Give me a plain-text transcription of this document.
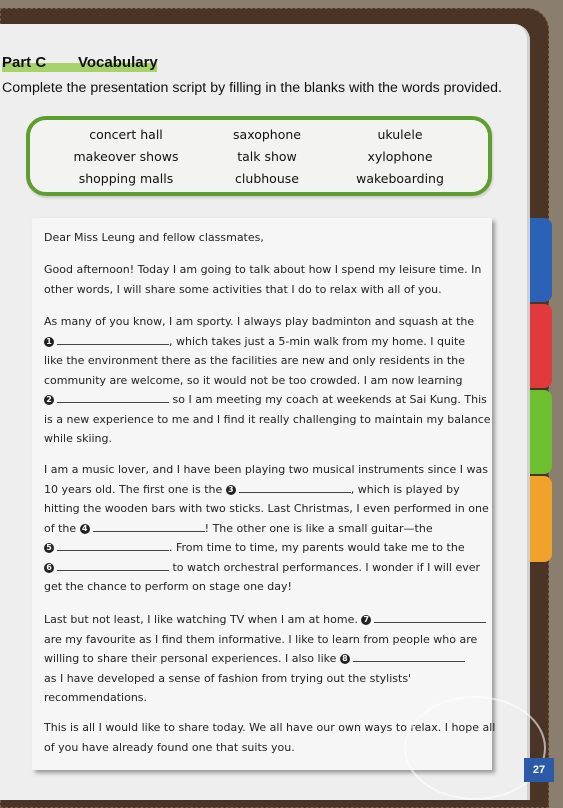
Part C Vocabulary
Complete the presentation script by filling in the blanks with the words provided.
concert hall	saxophone	ukulele
makeover shows	talk show	xylophone
shopping malls	clubhouse	wakeboarding
Dear Miss Leung and fellow classmates,
Good afternoon! Today I am going to talk about how I spend my leisure time. In
other words, I will share some activities that I do to relax with all of you.
As many of you know, I am sporty. I always play badminton and squash at the
1	, which takes just a 5-min walk from my home. I quite
like the environment there as the facilities are new and only residents in the
community are welcome, so it would not be too crowded. I am now learning
2	so I am meeting my coach at weekends at Sai Kung. This
is a new experience to me and I find it really challenging to maintain my balance
while skiing.
I am a music lover, and I have been playing two musical instruments since I was
10 years old. The first one is the 3	, which is played by
hitting the wooden bars with two sticks. Last Christmas, I even performed in one
of the 4	! The other one is like a small guitar—the
5	. From time to time, my parents would take me to the
6	to watch orchestral performances. I wonder if I will ever
get the chance to perform on stage one day!
Last but not least, I like watching TV when I am at home. 7
are my favourite as I find them informative. I like to learn from people who are
willing to share their personal experiences. I also like 8
as I have developed a sense of fashion from trying out the stylists'
recommendations.
This is all I would like to share today. We all have our own ways to relax. I hope all
of you have already found one that suits you.
27
